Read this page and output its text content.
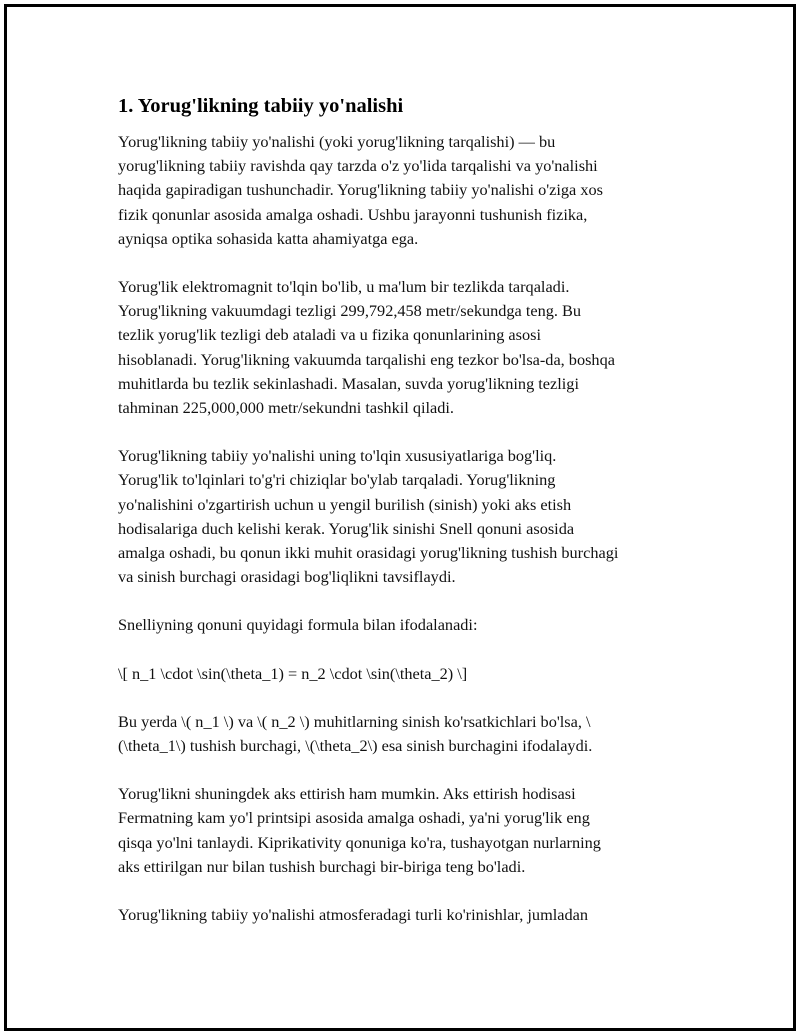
1. Yorug'likning tabiiy yo'nalishi

Yorug'likning tabiiy yo'nalishi (yoki yorug'likning tarqalishi) — bu
yorug'likning tabiiy ravishda qay tarzda o'z yo'lida tarqalishi va yo'nalishi
haqida gapiradigan tushunchadir. Yorug'likning tabiiy yo'nalishi o'ziga xos
fizik qonunlar asosida amalga oshadi. Ushbu jarayonni tushunish fizika,
ayniqsa optika sohasida katta ahamiyatga ega.

Yorug'lik elektromagnit to'lqin bo'lib, u ma'lum bir tezlikda tarqaladi.
Yorug'likning vakuumdagi tezligi 299,792,458 metr/sekundga teng. Bu
tezlik yorug'lik tezligi deb ataladi va u fizika qonunlarining asosi
hisoblanadi. Yorug'likning vakuumda tarqalishi eng tezkor bo'lsa-da, boshqa
muhitlarda bu tezlik sekinlashadi. Masalan, suvda yorug'likning tezligi
tahminan 225,000,000 metr/sekundni tashkil qiladi.

Yorug'likning tabiiy yo'nalishi uning to'lqin xususiyatlariga bog'liq.
Yorug'lik to'lqinlari to'g'ri chiziqlar bo'ylab tarqaladi. Yorug'likning
yo'nalishini o'zgartirish uchun u yengil burilish (sinish) yoki aks etish
hodisalariga duch kelishi kerak. Yorug'lik sinishi Snell qonuni asosida
amalga oshadi, bu qonun ikki muhit orasidagi yorug'likning tushish burchagi
va sinish burchagi orasidagi bog'liqlikni tavsiflaydi.

Snelliyning qonuni quyidagi formula bilan ifodalanadi:

\[ n_1 \cdot \sin(\theta_1) = n_2 \cdot \sin(\theta_2) \]

Bu yerda \( n_1 \) va \( n_2 \) muhitlarning sinish ko'rsatkichlari bo'lsa, \
(\theta_1\) tushish burchagi, \(\theta_2\) esa sinish burchagini ifodalaydi.

Yorug'likni shuningdek aks ettirish ham mumkin. Aks ettirish hodisasi
Fermatning kam yo'l printsipi asosida amalga oshadi, ya'ni yorug'lik eng
qisqa yo'lni tanlaydi. Kiprikativity qonuniga ko'ra, tushayotgan nurlarning
aks ettirilgan nur bilan tushish burchagi bir-biriga teng bo'ladi.

Yorug'likning tabiiy yo'nalishi atmosferadagi turli ko'rinishlar, jumladan
